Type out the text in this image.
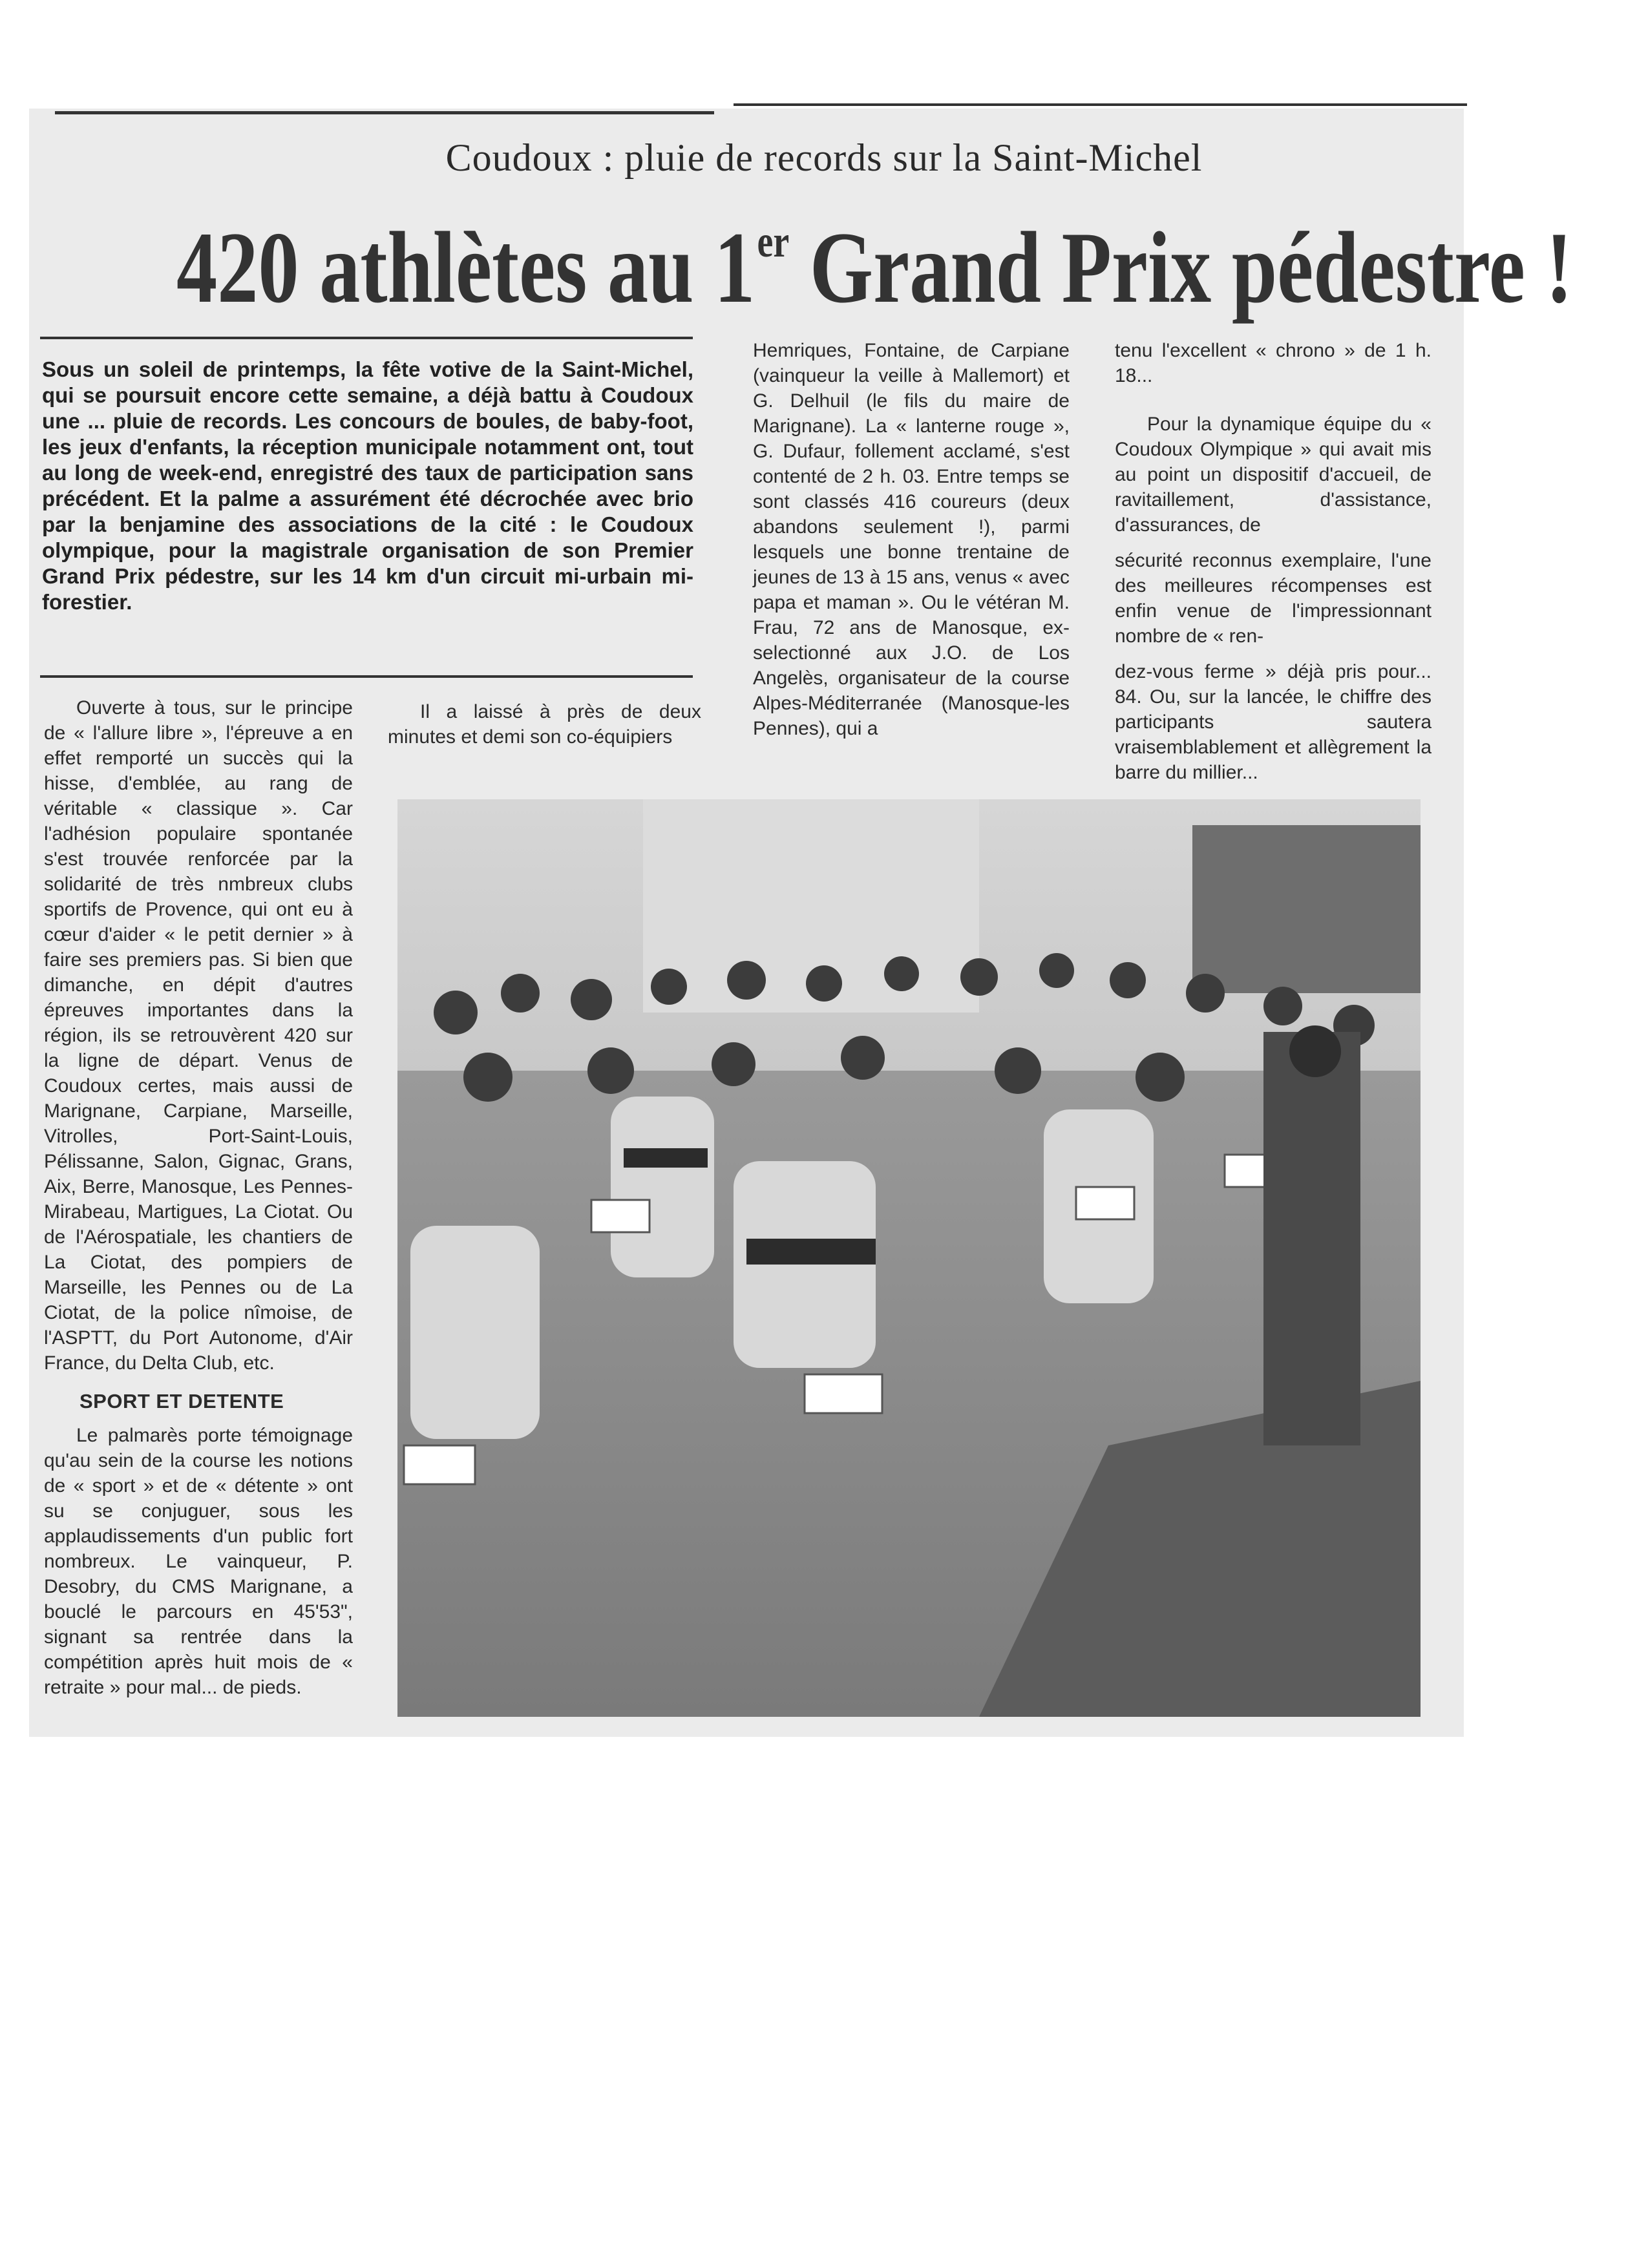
Coudoux : pluie de records sur la Saint-Michel
420 athlètes au 1er Grand Prix pédestre !
Sous un soleil de printemps, la fête votive de la Saint-Michel, qui se poursuit encore cette semaine, a déjà battu à Coudoux une ... pluie de records. Les concours de boules, de baby-foot, les jeux d'enfants, la réception municipale notamment ont, tout au long de week-end, enregistré des taux de participation sans précédent. Et la palme a assurément été décrochée avec brio par la benjamine des associations de la cité : le Coudoux olympique, pour la magistrale organisation de son Premier Grand Prix pédestre, sur les 14 km d'un circuit mi-urbain mi-forestier.

Ouverte à tous, sur le principe de « l'allure libre », l'épreuve a en effet remporté un succès qui la hisse, d'emblée, au rang de véritable « classique ». Car l'adhésion populaire spontanée s'est trouvée renforcée par la solidarité de très nmbreux clubs sportifs de Provence, qui ont eu à cœur d'aider « le petit dernier » à faire ses premiers pas. Si bien que dimanche, en dépit d'autres épreuves importantes dans la région, ils se retrouvèrent 420 sur la ligne de départ. Venus de Coudoux certes, mais aussi de Marignane, Carpiane, Marseille, Vitrolles, Port-Saint-Louis, Pélissanne, Salon, Gignac, Grans, Aix, Berre, Manosque, Les Pennes-Mirabeau, Martigues, La Ciotat. Ou de l'Aérospatiale, les chantiers de La Ciotat, des pompiers de Marseille, les Pennes ou de La Ciotat, de la police nîmoise, de l'ASPTT, du Port Autonome, d'Air France, du Delta Club, etc.

SPORT ET DETENTE

Le palmarès porte témoignage qu'au sein de la course les notions de « sport » et de « détente » ont su se conjuguer, sous les applaudissements d'un public fort nombreux. Le vainqueur, P. Desobry, du CMS Marignane, a bouclé le parcours en 45'53", signant sa rentrée dans la compétition après huit mois de « retraite » pour mal... de pieds.

Il a laissé à près de deux minutes et demi son co-équipiers

Hemriques, Fontaine, de Carpiane (vainqueur la veille à Mallemort) et G. Delhuil (le fils du maire de Marignane). La « lanterne rouge », G. Dufaur, follement acclamé, s'est contenté de 2 h. 03. Entre temps se sont classés 416 coureurs (deux abandons seulement !), parmi lesquels une bonne trentaine de jeunes de 13 à 15 ans, venus « avec papa et maman ». Ou le vétéran M. Frau, 72 ans de Manosque, ex-selectionné aux J.O. de Los Angelès, organisateur de la course Alpes-Méditerranée (Manosque-les Pennes), qui a

tenu l'excellent « chrono » de 1 h. 18...

Pour la dynamique équipe du « Coudoux Olympique » qui avait mis au point un dispositif d'accueil, de ravitaillement, d'assistance, d'assurances, de

sécurité reconnus exemplaire, l'une des meilleures récompenses est enfin venue de l'impressionnant nombre de « ren-

dez-vous ferme » déjà pris pour... 84. Ou, sur la lancée, le chiffre des participants sautera vraisemblablement et allègrement la barre du millier...
